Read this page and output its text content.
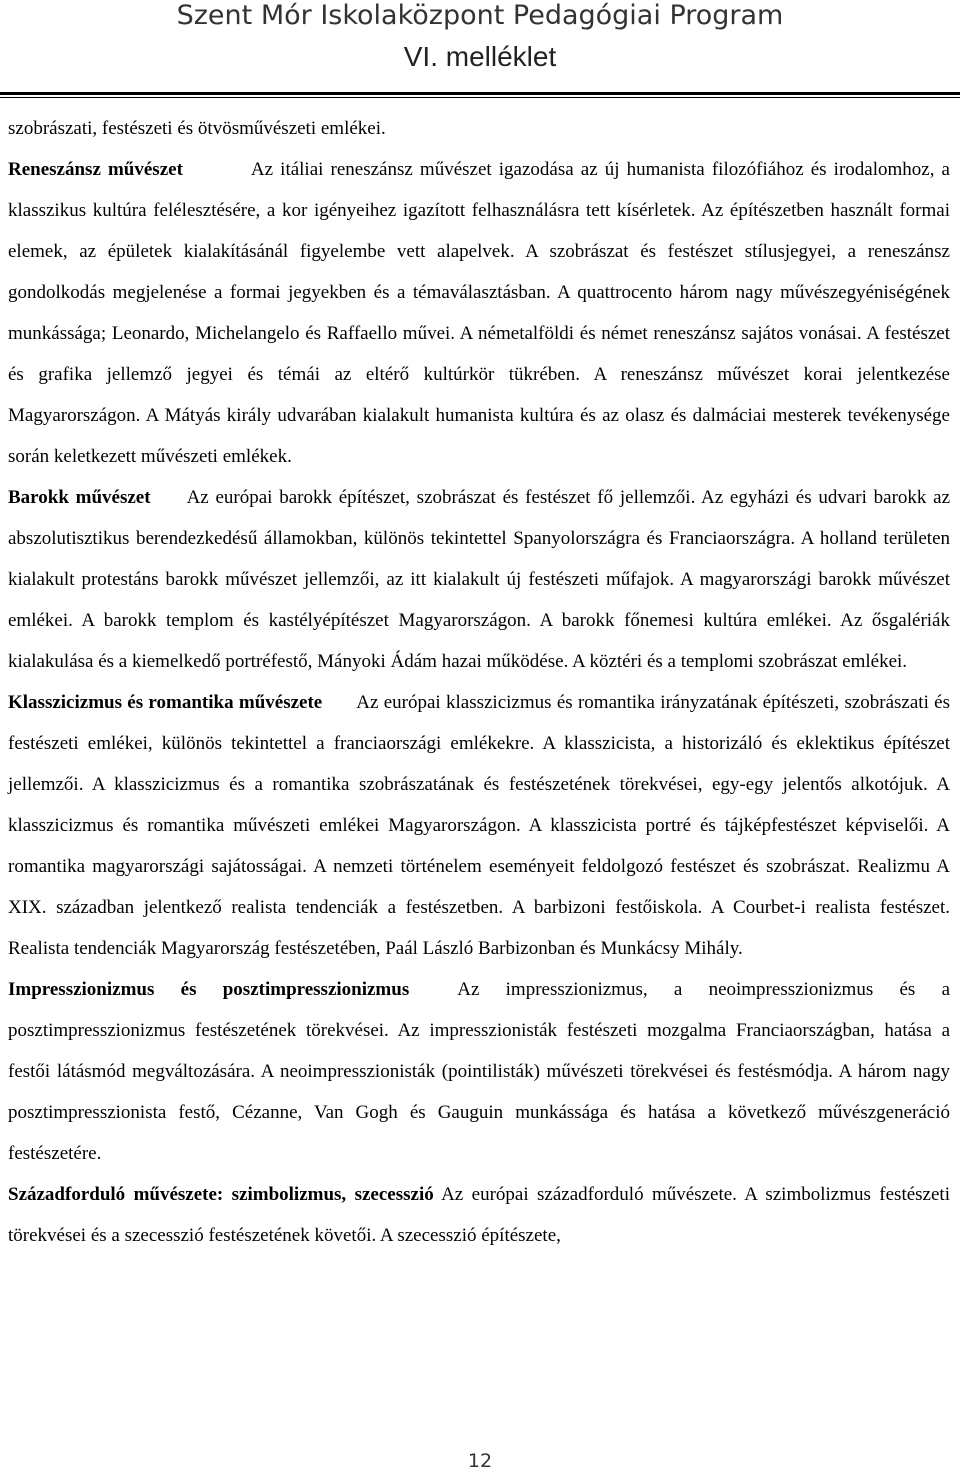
Szent Mór Iskolaközpont Pedagógiai Program
VI. melléklet

szobrászati, festészeti és ötvösművészeti emlékei.

Reneszánsz művészet	Az itáliai reneszánsz művészet igazodása az új humanista filozófiához és irodalomhoz, a klasszikus kultúra felélesztésére, a kor igényeihez igazított felhasználásra tett kísérletek. Az építészetben használt formai elemek, az épületek kialakításánál figyelembe vett alapelvek. A szobrászat és festészet stílusjegyei, a reneszánsz gondolkodás megjelenése a formai jegyekben és a témaválasztásban. A quattrocento három nagy művészegyéniségének munkássága; Leonardo, Michelangelo és Raffaello művei. A németalföldi és német reneszánsz sajátos vonásai. A festészet és grafika jellemző jegyei és témái az eltérő kultúrkör tükrében. A reneszánsz művészet korai jelentkezése Magyarországon. A Mátyás király udvarában kialakult humanista kultúra és az olasz és dalmáciai mesterek tevékenysége során keletkezett művészeti emlékek.

Barokk művészet Az európai barokk építészet, szobrászat és festészet fő jellemzői. Az egyházi és udvari barokk az abszolutisztikus berendezkedésű államokban, különös tekintettel Spanyolországra és Franciaországra. A holland területen kialakult protestáns barokk művészet jellemzői, az itt kialakult új festészeti műfajok. A magyarországi barokk művészet emlékei. A barokk templom és kastélyépítészet Magyarországon. A barokk főnemesi kultúra emlékei. Az ősgalériák kialakulása és a kiemelkedő portréfestő, Mányoki Ádám hazai működése. A köztéri és a templomi szobrászat emlékei.

Klasszicizmus és romantika művészete Az európai klasszicizmus és romantika irányzatának építészeti, szobrászati és festészeti emlékei, különös tekintettel a franciaországi emlékekre. A klasszicista, a historizáló és eklektikus építészet jellemzői. A klasszicizmus és a romantika szobrászatának és festészetének törekvései, egy-egy jelentős alkotójuk. A klasszicizmus és romantika művészeti emlékei Magyarországon. A klasszicista portré és tájképfestészet képviselői. A romantika magyarországi sajátosságai. A nemzeti történelem eseményeit feldolgozó festészet és szobrászat. Realizmu A XIX. században jelentkező realista tendenciák a festészetben. A barbizoni festőiskola. A Courbet-i realista festészet. Realista tendenciák Magyarország festészetében, Paál László Barbizonban és Munkácsy Mihály.

Impresszionizmus és posztimpresszionizmus	Az impresszionizmus, a neoimpresszionizmus és a posztimpresszionizmus festészetének törekvései. Az impresszionisták festészeti mozgalma Franciaországban, hatása a festői látásmód megváltozására. A neoimpresszionisták (pointilisták) művészeti törekvései és festésmódja. A három nagy posztimpresszionista festő, Cézanne, Van Gogh és Gauguin munkássága és hatása a következő művészgeneráció festészetére.

Századforduló művészete: szimbolizmus, szecesszió Az európai századforduló művészete. A szimbolizmus festészeti törekvései és a szecesszió festészetének követői. A szecesszió építészete,

12
